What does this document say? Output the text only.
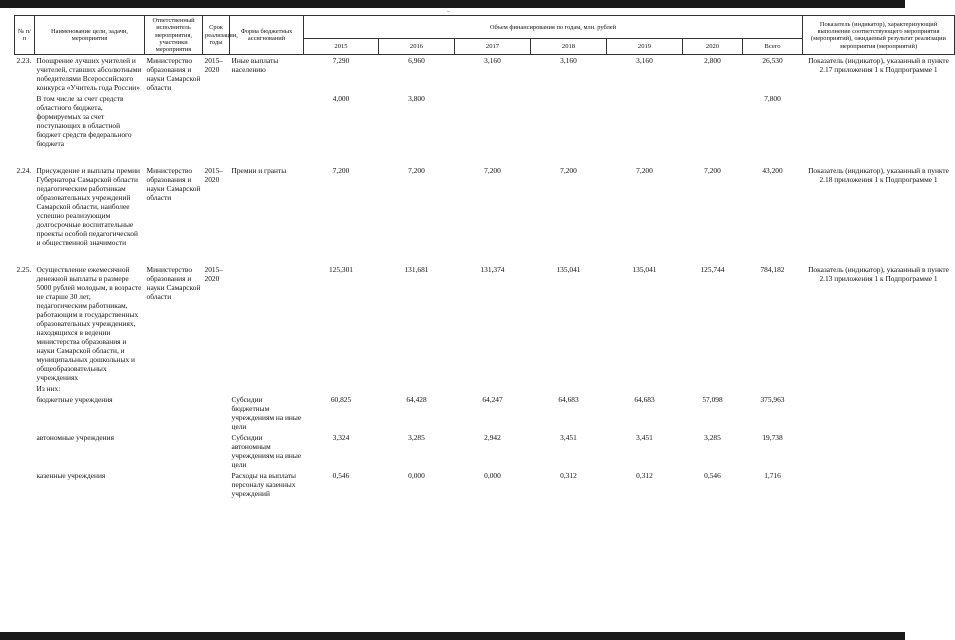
–
№ п/п	Наименование цели, задачи, мероприятия	Ответственный исполнитель мероприятия, участники мероприятия	Срок реализации, годы	Форма бюджетных ассигнований	Объем финансирования по годам, млн. рублей							Показатель (индикатор), характеризующий выполнение соответствующего мероприятия (мероприятий), ожидаемый результат реализации мероприятия (мероприятий)
					2015	2016	2017	2018	2019	2020	Всего	
2.23.	Поощрение лучших учителей и учителей, ставших абсолютными победителями Всероссийского конкурса «Учитель года России»	Министерство образования и науки Самарской области	2015–2020	Иные выплаты населению	7,290	6,960	3,160	3,160	3,160	2,800	26,530	Показатель (индикатор), указанный в пункте 2.17 приложения 1 к Подпрограмме 1
	В том числе за счет средств областного бюджета, формируемых за счет поступающих в областной бюджет средств федерального бюджета				4,000	3,800					7,800	

2.24.	Присуждение и выплаты премии Губернатора Самарской области педагогическим работникам образовательных учреждений Самарской области, наиболее успешно реализующим долгосрочные воспитательные проекты особой педагогической и общественной значимости	Министерство образования и науки Самарской области	2015–2020	Премии и гранты	7,200	7,200	7,200	7,200	7,200	7,200	43,200	Показатель (индикатор), указанный в пункте 2.18 приложения 1 к Подпрограмме 1

2.25.	Осуществление ежемесячной денежной выплаты в размере 5000 рублей молодым, в возрасте не старше 30 лет, педагогическим работникам, работающим в государственных образовательных учреждениях, находящихся в ведении министерства образования и науки Самарской области, и муниципальных дошкольных и общеобразовательных учреждениях	Министерство образования и науки Самарской области	2015–2020		125,301	131,681	131,374	135,041	135,041	125,744	784,182	Показатель (индикатор), указанный в пункте 2.13 приложения 1 к Подпрограмме 1
	Из них:											
	бюджетные учреждения			Субсидии бюджетным учреждениям на иные цели	60,825	64,428	64,247	64,683	64,683	57,098	375,963	
	автономные учреждения			Субсидии автономным учреждениям на иные цели	3,324	3,285	2,942	3,451	3,451	3,285	19,738	
	казенные учреждения			Расходы на выплаты персоналу казенных учреждений	0,546	0,000	0,000	0,312	0,312	0,546	1,716	
